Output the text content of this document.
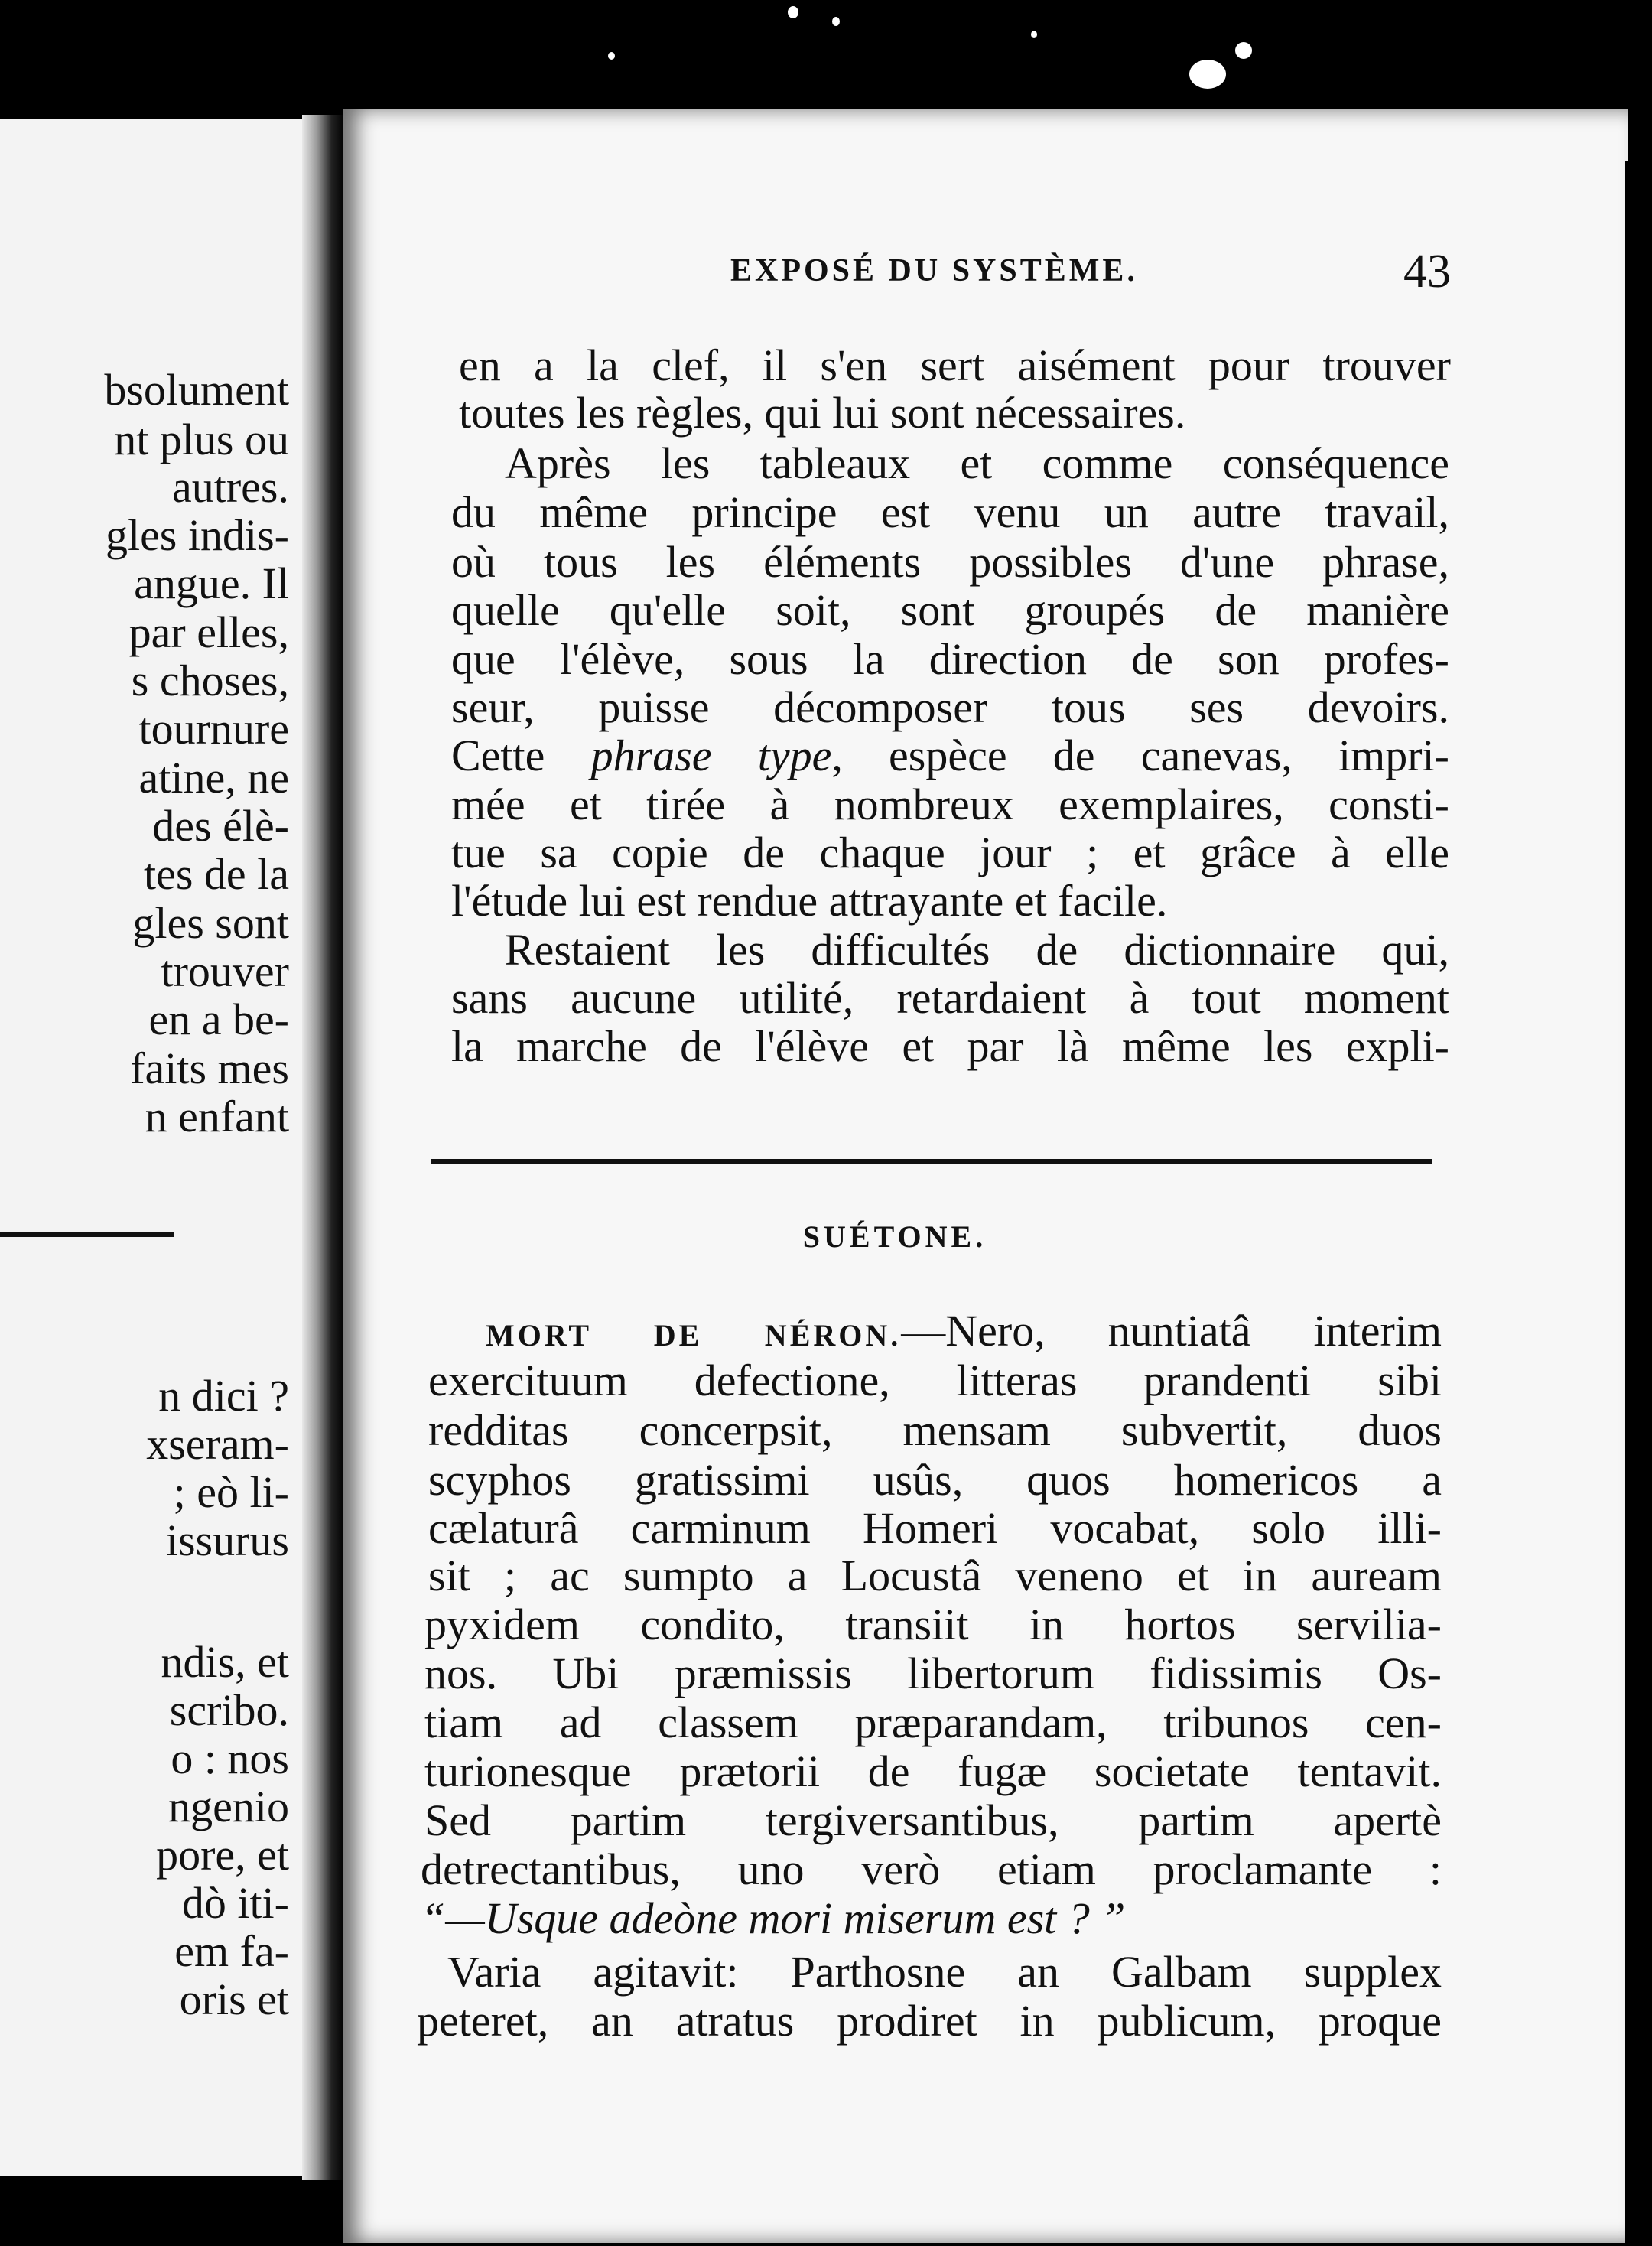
bsolument
nt plus ou
autres.
gles indis-
angue. Il
par elles,
s choses,
tournure
atine, ne
des élè-
tes de la
gles sont
trouver
en a be-
faits mes
n enfant
n dici ?
xseram-
; eò li-
issurus
ndis, et
scribo.
o : nos
ngenio
pore, et
dò iti-
em fa-
oris et
EXPOSÉ DU SYSTÈME.	43
en a la clef, il s'en sert aisément pour trouver
toutes les règles, qui lui sont nécessaires.
Après les tableaux et comme conséquence
du même principe est venu un autre travail,
où tous les éléments possibles d'une phrase,
quelle qu'elle soit, sont groupés de manière
que l'élève, sous la direction de son profes-
seur, puisse décomposer tous ses devoirs.
Cette phrase type, espèce de canevas, impri-
mée et tirée à nombreux exemplaires, consti-
tue sa copie de chaque jour ; et grâce à elle
l'étude lui est rendue attrayante et facile.
Restaient les difficultés de dictionnaire qui,
sans aucune utilité, retardaient à tout moment
la marche de l'élève et par là même les expli-
SUÉTONE.
MORT DE NÉRON.—Nero, nuntiatâ interim
exercituum defectione, litteras prandenti sibi
redditas concerpsit, mensam subvertit, duos
scyphos gratissimi usûs, quos homericos a
cælaturâ carminum Homeri vocabat, solo illi-
sit ; ac sumpto a Locustâ veneno et in auream
pyxidem condito, transiit in hortos servilia-
nos. Ubi præmissis libertorum fidissimis Os-
tiam ad classem præparandam, tribunos cen-
turionesque prætorii de fugæ societate tentavit.
Sed partim tergiversantibus, partim apertè
detrectantibus, uno verò etiam proclamante :
“—Usque adeòne mori miserum est ? ”
Varia agitavit: Parthosne an Galbam supplex
peteret, an atratus prodiret in publicum, proque
